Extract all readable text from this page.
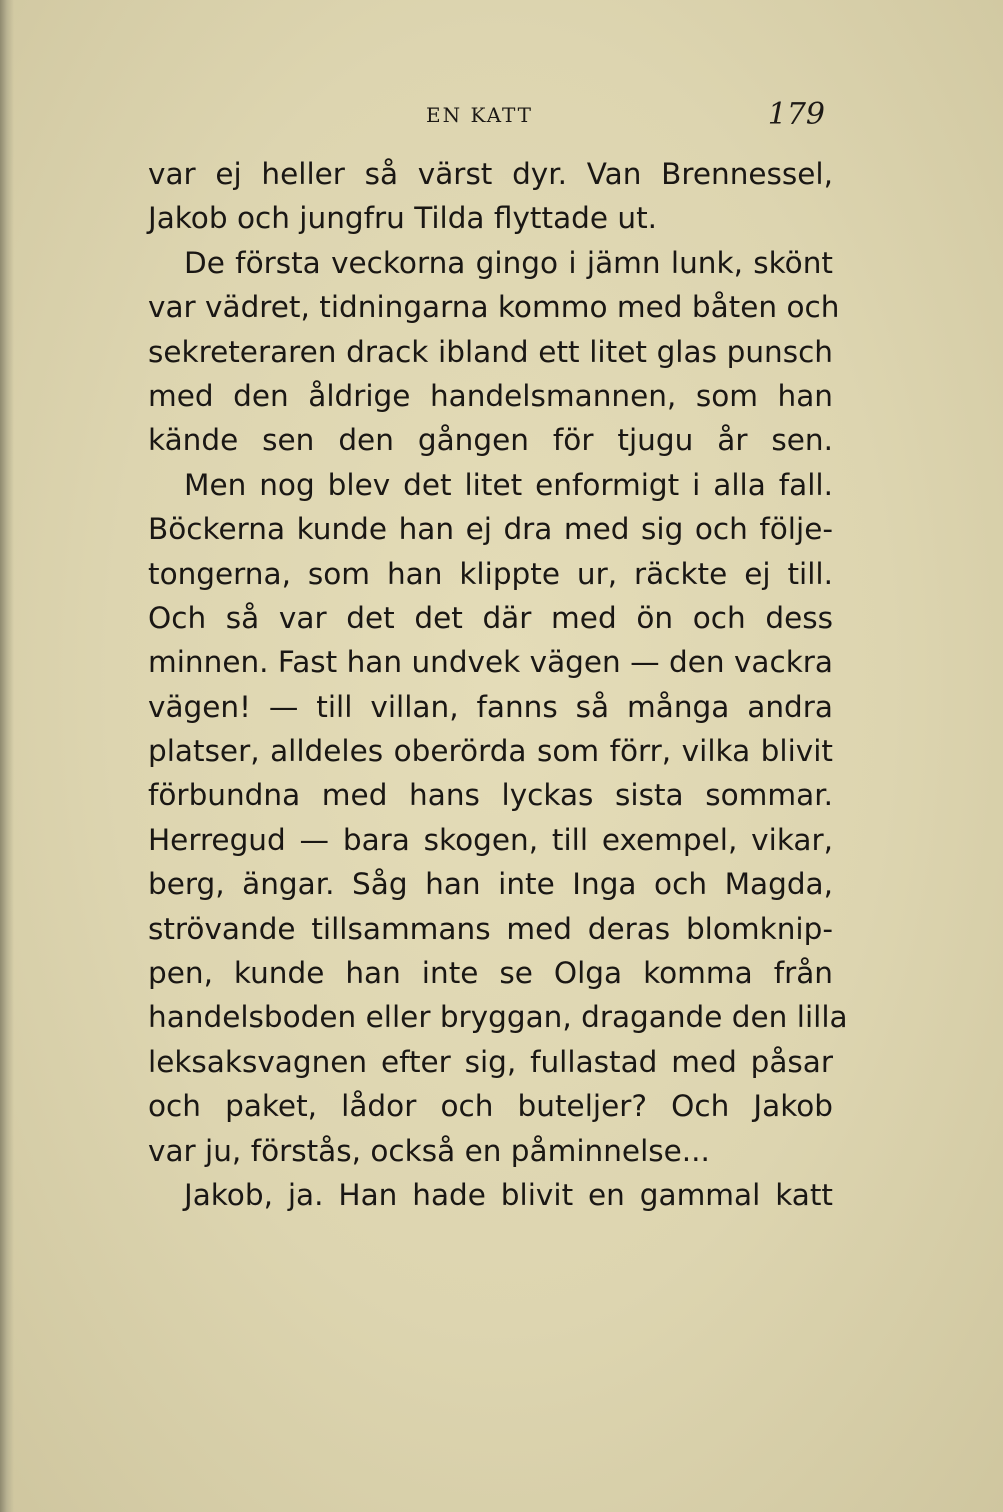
EN KATT	179
var ej heller så värst dyr. Van Brennessel,
Jakob och jungfru Tilda flyttade ut.
De första veckorna gingo i jämn lunk, skönt
var vädret, tidningarna kommo med båten och
sekreteraren drack ibland ett litet glas punsch
med den åldrige handelsmannen, som han
kände sen den gången för tjugu år sen.
Men nog blev det litet enformigt i alla fall.
Böckerna kunde han ej dra med sig och följe-
tongerna, som han klippte ur, räckte ej till.
Och så var det det där med ön och dess
minnen. Fast han undvek vägen — den vackra
vägen! — till villan, fanns så många andra
platser, alldeles oberörda som förr, vilka blivit
förbundna med hans lyckas sista sommar.
Herregud — bara skogen, till exempel, vikar,
berg, ängar. Såg han inte Inga och Magda,
strövande tillsammans med deras blomknip-
pen, kunde han inte se Olga komma från
handelsboden eller bryggan, dragande den lilla
leksaksvagnen efter sig, fullastad med påsar
och paket, lådor och buteljer? Och Jakob
var ju, förstås, också en påminnelse...
Jakob, ja. Han hade blivit en gammal katt
